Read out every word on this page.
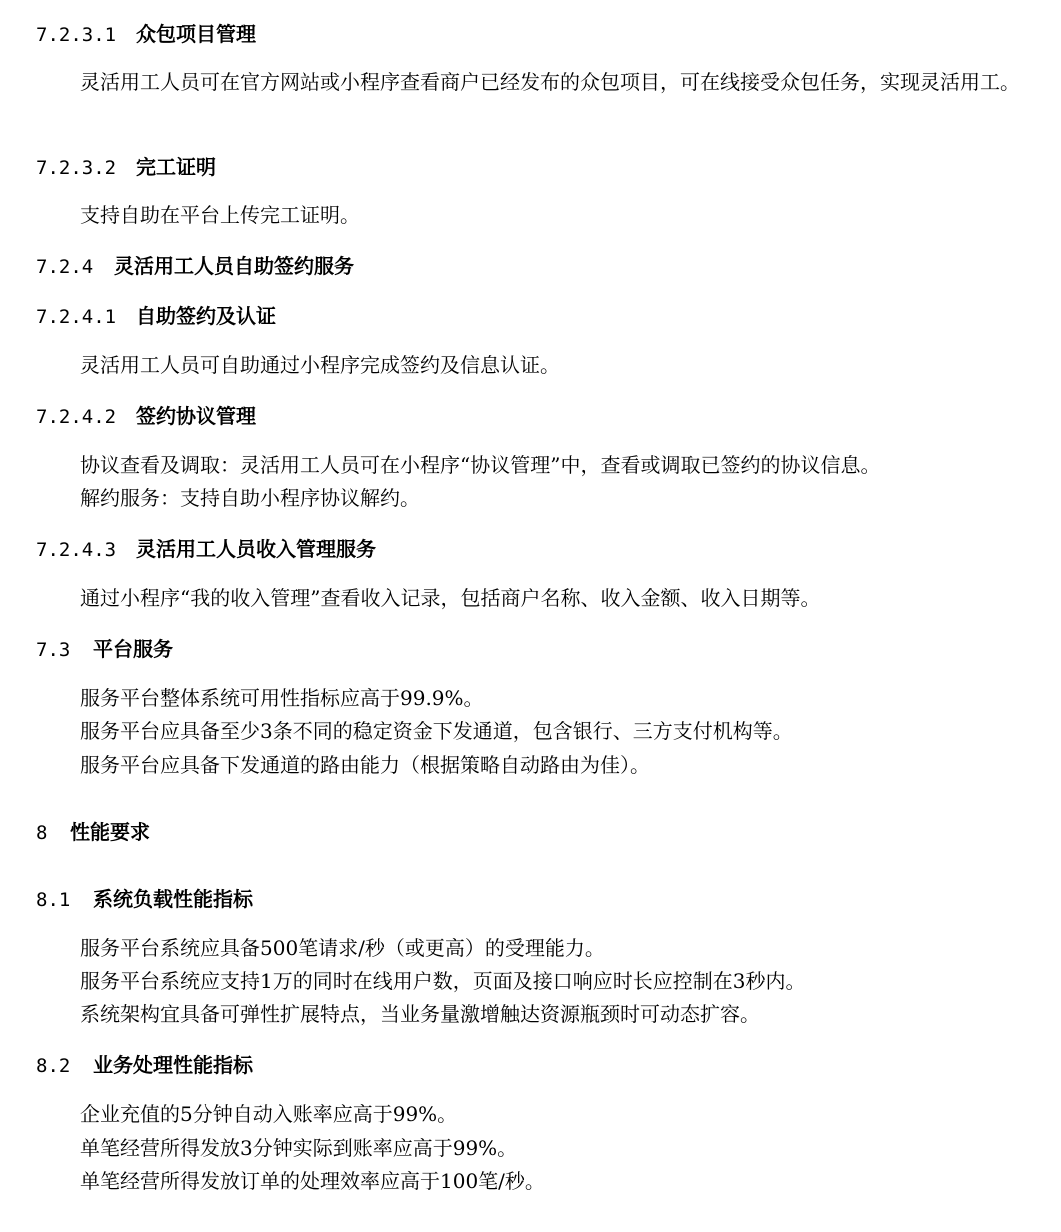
7.2.3.1 众包项目管理
灵活用工人员可在官方网站或小程序查看商户已经发布的众包项目，可在线接受众包任务，实现灵活用工。
7.2.3.2 完工证明
支持自助在平台上传完工证明。
7.2.4 灵活用工人员自助签约服务
7.2.4.1 自助签约及认证
灵活用工人员可自助通过小程序完成签约及信息认证。
7.2.4.2 签约协议管理
协议查看及调取：灵活用工人员可在小程序“协议管理”中，查看或调取已签约的协议信息。
解约服务：支持自助小程序协议解约。
7.2.4.3 灵活用工人员收入管理服务
通过小程序“我的收入管理”查看收入记录，包括商户名称、收入金额、收入日期等。
7.3 平台服务
服务平台整体系统可用性指标应高于99.9%。
服务平台应具备至少3条不同的稳定资金下发通道，包含银行、三方支付机构等。
服务平台应具备下发通道的路由能力（根据策略自动路由为佳）。
8 性能要求
8.1 系统负载性能指标
服务平台系统应具备500笔请求/秒（或更高）的受理能力。
服务平台系统应支持1万的同时在线用户数，页面及接口响应时长应控制在3秒内。
系统架构宜具备可弹性扩展特点，当业务量激增触达资源瓶颈时可动态扩容。
8.2 业务处理性能指标
企业充值的5分钟自动入账率应高于99%。
单笔经营所得发放3分钟实际到账率应高于99%。
单笔经营所得发放订单的处理效率应高于100笔/秒。
